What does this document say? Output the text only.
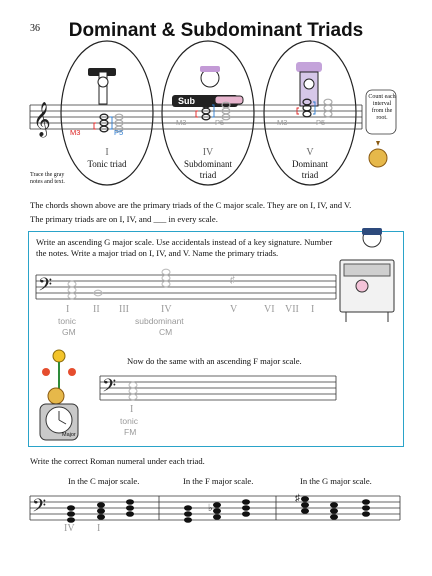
36	Dominant & Subdominant Triads
𝄞
Sub
M3	P5
M3	P5	M3	P5
I
Tonic triad
IV
Subdominant triad
V
Dominant triad
Count each interval from the root.
Trace the gray notes and text.
The chords shown above are the primary triads of the C major scale. They are on I, IV, and V.
The primary triads are on I, IV, and ___ in every scale.
Write an ascending G major scale. Use accidentals instead of a key signature. Number the notes. Write a major triad on I, IV, and V. Name the primary triads.
𝄢	♯
I II III	IV	V	VI VII I
tonic
GM
subdominant
CM
Now do the same with an ascending F major scale.
𝄢
I
tonic
FM
Major
Write the correct Roman numeral under each triad.
In the C major scale.	In the F major scale.	In the G major scale.
𝄢	♭
♯
IV I
